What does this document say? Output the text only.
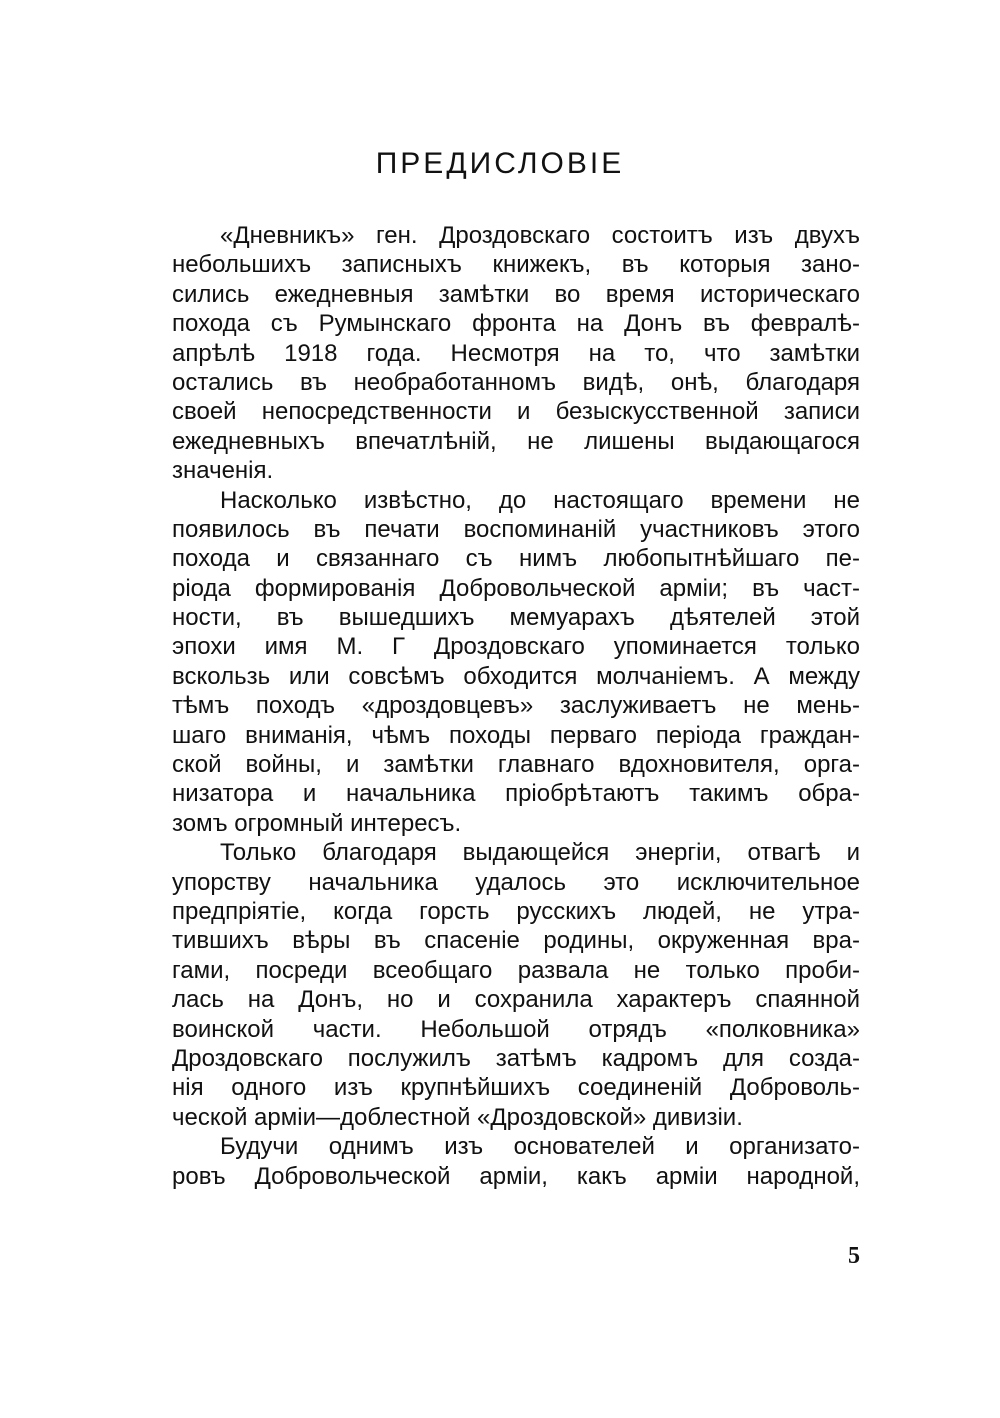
ПРЕДИСЛОВІЕ
«Дневникъ» ген. Дроздовскаго состоитъ изъ двухъ
небольшихъ записныхъ книжекъ, въ которыя зано-
сились ежедневныя замѣтки во время историческаго
похода съ Румынскаго фронта на Донъ въ февралѣ-
апрѣлѣ 1918 года. Несмотря на то, что замѣтки
остались въ необработанномъ видѣ, онѣ, благодаря
своей непосредственности и безыскусственной записи
ежедневныхъ впечатлѣній, не лишены выдающагося
значенія.
Насколько извѣстно, до настоящаго времени не
появилось въ печати воспоминаній участниковъ этого
похода и связаннаго съ нимъ любопытнѣйшаго пе-
ріода формированія Добровольческой арміи; въ част-
ности, въ вышедшихъ мемуарахъ дѣятелей этой
эпохи имя М. Г Дроздовскаго упоминается только
вскользь или совсѣмъ обходится молчаніемъ. А между
тѣмъ походъ «дроздовцевъ» заслуживаетъ не мень-
шаго вниманія, чѣмъ походы перваго періода граждан-
ской войны, и замѣтки главнаго вдохновителя, орга-
низатора и начальника пріобрѣтаютъ такимъ обра-
зомъ огромный интересъ.
Только благодаря выдающейся энергіи, отвагѣ и
упорству начальника удалось это исключительное
предпріятіе, когда горсть русскихъ людей, не утра-
тившихъ вѣры въ спасеніе родины, окруженная вра-
гами, посреди всеобщаго развала не только проби-
лась на Донъ, но и сохранила характеръ спаянной
воинской части. Небольшой отрядъ «полковника»
Дроздовскаго послужилъ затѣмъ кадромъ для созда-
нія одного изъ крупнѣйшихъ соединеній Доброволь-
ческой арміи—доблестной «Дроздовской» дивизіи.
Будучи однимъ изъ основателей и организато-
ровъ Добровольческой арміи, какъ арміи народной,
5
